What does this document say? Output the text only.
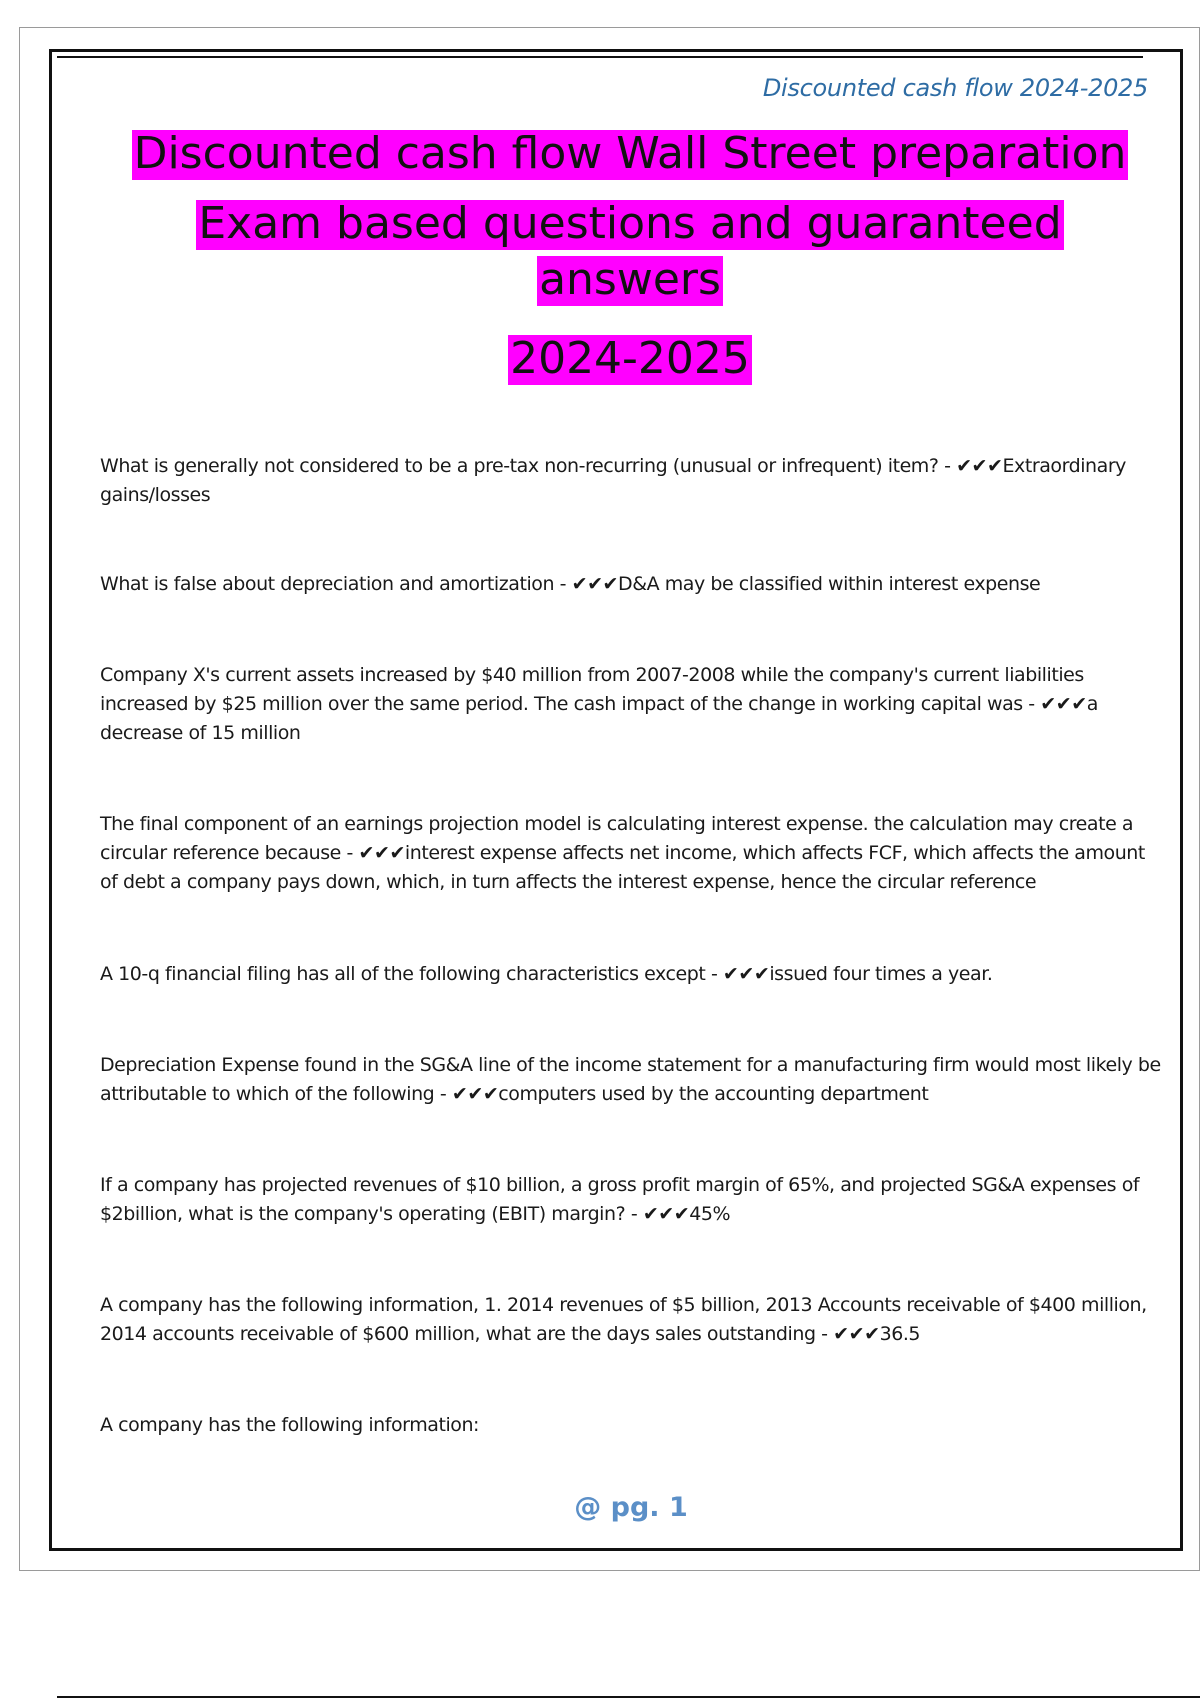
Discounted cash flow 2024-2025
Discounted cash flow Wall Street preparation
Exam based questions and guaranteed
answers
2024-2025

What is generally not considered to be a pre-tax non-recurring (unusual or infrequent) item? - ✔✔✔Extraordinary gains/losses

What is false about depreciation and amortization - ✔✔✔D&A may be classified within interest expense

Company X's current assets increased by $40 million from 2007-2008 while the company's current liabilities increased by $25 million over the same period. The cash impact of the change in working capital was - ✔✔✔a decrease of 15 million

The final component of an earnings projection model is calculating interest expense. the calculation may create a circular reference because - ✔✔✔interest expense affects net income, which affects FCF, which affects the amount of debt a company pays down, which, in turn affects the interest expense, hence the circular reference

A 10-q financial filing has all of the following characteristics except - ✔✔✔issued four times a year.

Depreciation Expense found in the SG&A line of the income statement for a manufacturing firm would most likely be attributable to which of the following - ✔✔✔computers used by the accounting department

If a company has projected revenues of $10 billion, a gross profit margin of 65%, and projected SG&A expenses of $2billion, what is the company's operating (EBIT) margin? - ✔✔✔45%

A company has the following information, 1. 2014 revenues of $5 billion, 2013 Accounts receivable of $400 million, 2014 accounts receivable of $600 million, what are the days sales outstanding - ✔✔✔36.5

A company has the following information:

@ pg. 1
